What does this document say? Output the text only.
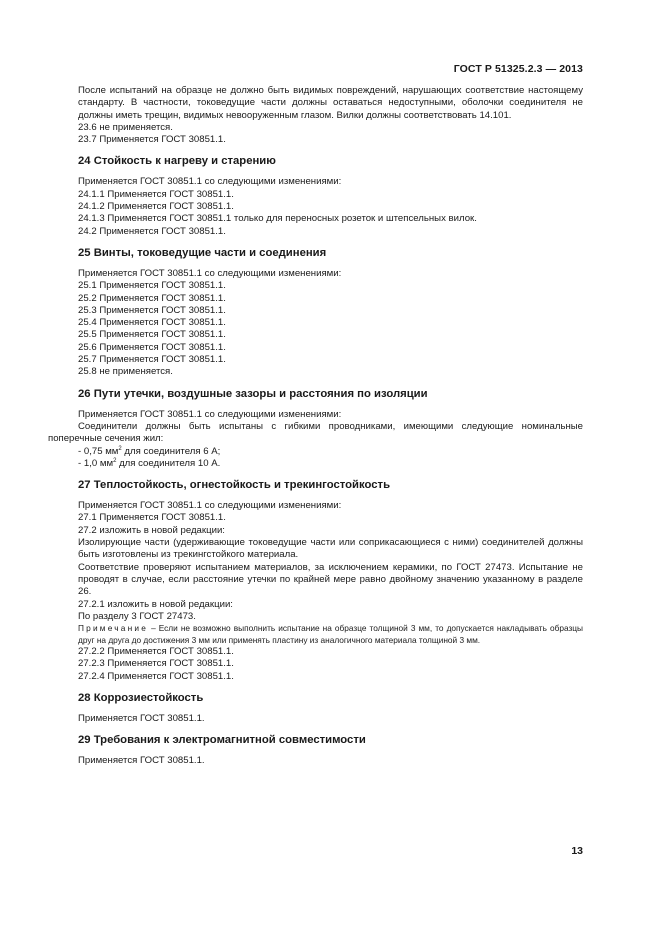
ГОСТ Р 51325.2.3 — 2013

После испытаний на образце не должно быть видимых повреждений, нарушающих соответствие настоящему стандарту. В частности, токоведущие части должны оставаться недоступными, оболочки соединителя не должны иметь трещин, видимых невооруженным глазом. Вилки должны соответствовать 14.101.

23.6 не применяется.

23.7 Применяется ГОСТ 30851.1.

24 Стойкость к нагреву и старению

Применяется ГОСТ 30851.1 со следующими изменениями:

24.1.1 Применяется ГОСТ 30851.1.

24.1.2 Применяется ГОСТ 30851.1.

24.1.3 Применяется ГОСТ 30851.1 только для переносных розеток и штепсельных вилок.

24.2 Применяется ГОСТ 30851.1.

25 Винты, токоведущие части и соединения

Применяется ГОСТ 30851.1 со следующими изменениями:

25.1 Применяется ГОСТ 30851.1.

25.2 Применяется ГОСТ 30851.1.

25.3 Применяется ГОСТ 30851.1.

25.4 Применяется ГОСТ 30851.1.

25.5 Применяется ГОСТ 30851.1.

25.6 Применяется ГОСТ 30851.1.

25.7 Применяется ГОСТ 30851.1.

25.8 не применяется.

26 Пути утечки, воздушные зазоры и расстояния по изоляции

Применяется ГОСТ 30851.1 со следующими изменениями:

Соединители должны быть испытаны с гибкими проводниками, имеющими следующие номинальные поперечные сечения жил:

- 0,75 $мм^2$ для соединителя 6 А;

- 1,0 $мм^2$ для соединителя 10 А.

27 Теплостойкость, огнестойкость и трекингостойкость

Применяется ГОСТ 30851.1 со следующими изменениями:

27.1 Применяется ГОСТ 30851.1.

27.2 изложить в новой редакции:

Изолирующие части (удерживающие токоведущие части или соприкасающиеся с ними) соединителей должны быть изготовлены из трекингстойкого материала.

Соответствие проверяют испытанием материалов, за исключением керамики, по ГОСТ 27473. Испытание не проводят в случае, если расстояние утечки по крайней мере равно двойному значению указанному в разделе 26.

27.2.1 изложить в новой редакции:

По разделу 3 ГОСТ 27473.

Примечание – Если не возможно выполнить испытание на образце толщиной 3 мм, то допускается накладывать образцы друг на друга до достижения 3 мм или применять пластину из аналогичного материала толщиной 3 мм.

27.2.2 Применяется ГОСТ 30851.1.

27.2.3 Применяется ГОСТ 30851.1.

27.2.4 Применяется ГОСТ 30851.1.

28 Коррозиестойкость

Применяется ГОСТ 30851.1.

29 Требования к электромагнитной совместимости

Применяется ГОСТ 30851.1.

13
